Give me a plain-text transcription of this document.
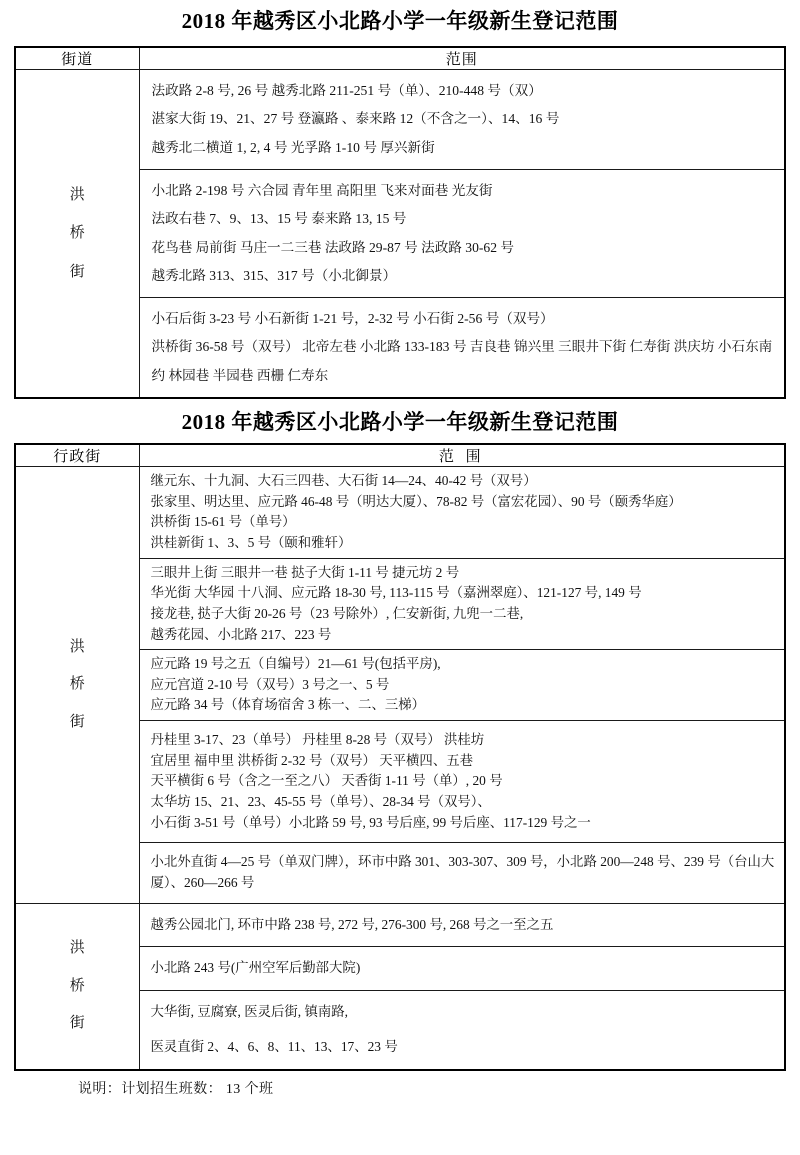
2018 年越秀区小北路小学一年级新生登记范围
街道	范围

洪
桥
街	法政路 2-8 号, 26 号 越秀北路 211-251 号（单）、210-448 号（双）
湛家大街 19、21、27 号 登瀛路 、泰来路 12（不含之一）、14、16 号
越秀北二横道 1, 2, 4 号 光孚路 1-10 号 厚兴新街

	小北路 2-198 号 六合园 青年里 高阳里 飞来对面巷 光友街
法政右巷 7、9、13、15 号 泰来路 13, 15 号
花鸟巷 局前街 马庄一二三巷 法政路 29-87 号 法政路 30-62 号
越秀北路 313、315、317 号（小北御景）

	小石后街 3-23 号 小石新街 1-21 号，2-32 号 小石街 2-56 号（双号）
洪桥街 36-58 号（双号） 北帝左巷 小北路 133-183 号 吉良巷 锦兴里 三眼井下街 仁寿街 洪庆坊 小石东南约 林园巷 半园巷 西栅 仁寿东
2018 年越秀区小北路小学一年级新生登记范围
行政街	范 围

洪
桥
街	继元东、十九洞、大石三四巷、大石街 14—24、40-42 号（双号）
张家里、明达里、应元路 46-48 号（明达大厦）、78-82 号（富宏花园）、90 号（颐秀华庭）
洪桥街 15-61 号（单号）
洪桂新街 1、3、5 号（颐和雅轩）

	三眼井上街 三眼井一巷 挞子大街 1-11 号 捷元坊 2 号
华光街 大华园 十八洞、应元路 18-30 号, 113-115 号（嘉洲翠庭）、121-127 号, 149 号
接龙巷, 挞子大街 20-26 号（23 号除外）, 仁安新街, 九兜一二巷,
越秀花园、小北路 217、223 号

	应元路 19 号之五（自编号）21—61 号(包括平房),
应元宫道 2-10 号（双号）3 号之一、5 号
应元路 34 号（体育场宿舍 3 栋一、二、三梯）

	丹桂里 3-17、23（单号） 丹桂里 8-28 号（双号） 洪桂坊
宜居里 福申里 洪桥街 2-32 号（双号） 天平横四、五巷
天平横街 6 号（含之一至之八） 天香街 1-11 号（单）, 20 号
太华坊 15、21、23、45-55 号（单号）、28-34 号（双号）、
小石街 3-51 号（单号）小北路 59 号, 93 号后座, 99 号后座、117-129 号之一

	小北外直街 4—25 号（单双门牌），环市中路 301、303-307、309 号，小北路 200—248 号、239 号（台山大厦）、260—266 号

洪
桥
街	越秀公园北门, 环市中路 238 号, 272 号, 276-300 号, 268 号之一至之五

	小北路 243 号(广州空军后勤部大院)

	大华街, 豆腐寮, 医灵后街, 镇南路,
医灵直街 2、4、6、8、11、13、17、23 号
说明：计划招生班数： 13 个班
